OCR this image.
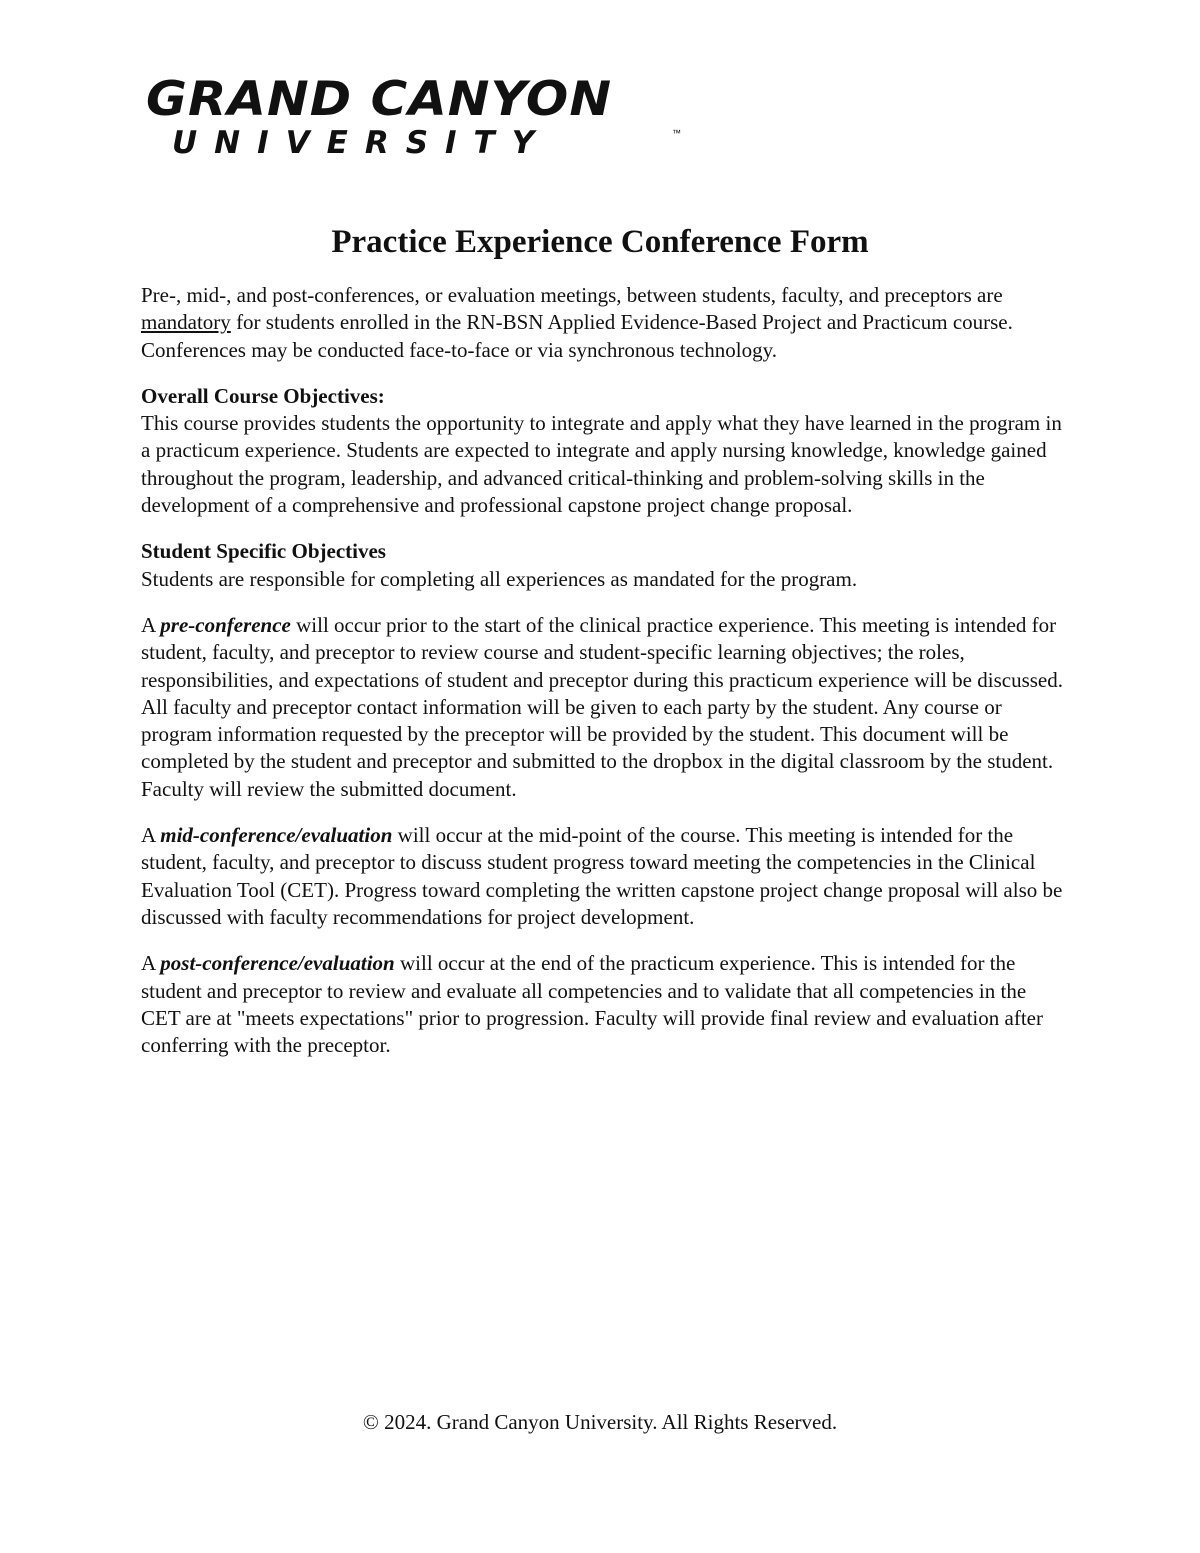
GRAND CANYON
UNIVERSITY	™
Practice Experience Conference Form

Pre-, mid-, and post-conferences, or evaluation meetings, between students, faculty, and preceptors are mandatory for students enrolled in the RN-BSN Applied Evidence-Based Project and Practicum course. Conferences may be conducted face-to-face or via synchronous technology.

Overall Course Objectives:
This course provides students the opportunity to integrate and apply what they have learned in the program in a practicum experience. Students are expected to integrate and apply nursing knowledge, knowledge gained throughout the program, leadership, and advanced critical-thinking and problem-solving skills in the development of a comprehensive and professional capstone project change proposal.

Student Specific Objectives
Students are responsible for completing all experiences as mandated for the program.

A pre-conference will occur prior to the start of the clinical practice experience. This meeting is intended for student, faculty, and preceptor to review course and student-specific learning objectives; the roles, responsibilities, and expectations of student and preceptor during this practicum experience will be discussed. All faculty and preceptor contact information will be given to each party by the student. Any course or program information requested by the preceptor will be provided by the student. This document will be completed by the student and preceptor and submitted to the dropbox in the digital classroom by the student. Faculty will review the submitted document.

A mid-conference/evaluation will occur at the mid-point of the course. This meeting is intended for the student, faculty, and preceptor to discuss student progress toward meeting the competencies in the Clinical Evaluation Tool (CET). Progress toward completing the written capstone project change proposal will also be discussed with faculty recommendations for project development.

A post-conference/evaluation will occur at the end of the practicum experience. This is intended for the student and preceptor to review and evaluate all competencies and to validate that all competencies in the CET are at "meets expectations" prior to progression. Faculty will provide final review and evaluation after conferring with the preceptor.

© 2024. Grand Canyon University. All Rights Reserved.
